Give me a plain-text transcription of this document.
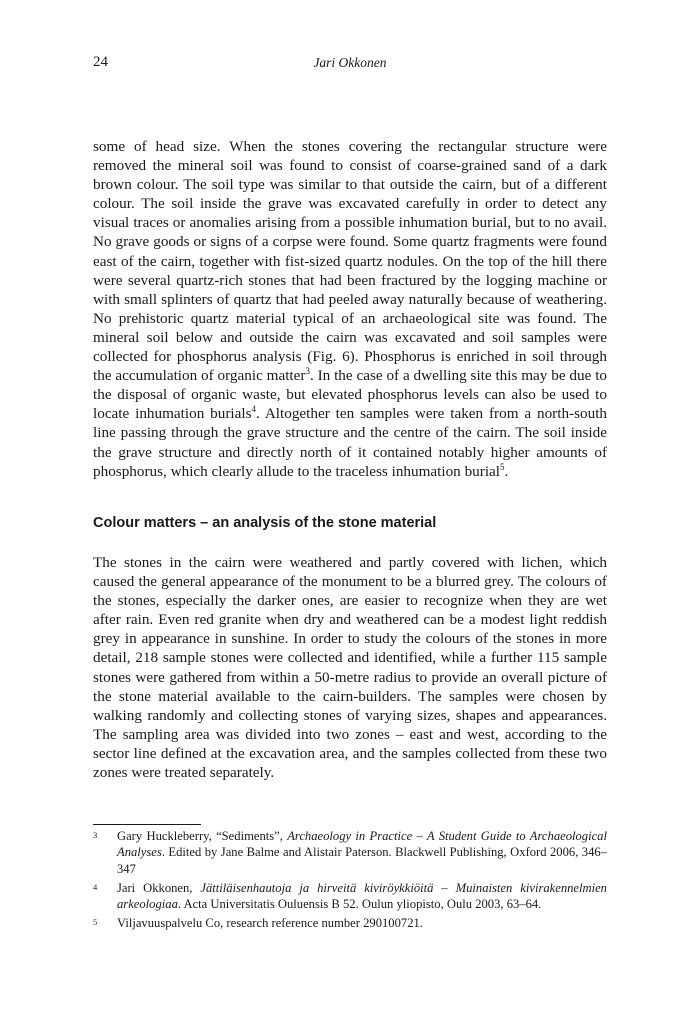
24	Jari Okkonen

some of head size. When the stones covering the rectangular structure were removed the mineral soil was found to consist of coarse-grained sand of a dark brown colour. The soil type was similar to that outside the cairn, but of a different colour. The soil inside the grave was excavated carefully in order to detect any visual traces or anomalies arising from a possible inhumation burial, but to no avail. No grave goods or signs of a corpse were found. Some quartz fragments were found east of the cairn, together with fist-sized quartz nodules. On the top of the hill there were several quartz-rich stones that had been fractured by the logging machine or with small splinters of quartz that had peeled away naturally because of weathering. No prehistoric quartz material typical of an archaeological site was found. The mineral soil below and outside the cairn was excavated and soil samples were collected for phosphorus analysis (Fig. 6). Phosphorus is enriched in soil through the accumulation of organic matter$^3$. In the case of a dwelling site this may be due to the disposal of organic waste, but elevated phosphorus levels can also be used to locate inhumation burials$^4$. Altogether ten samples were taken from a north-south line passing through the grave structure and the centre of the cairn. The soil inside the grave structure and directly north of it contained notably higher amounts of phosphorus, which clearly allude to the traceless inhumation burial$^5$.

Colour matters – an analysis of the stone material

The stones in the cairn were weathered and partly covered with lichen, which caused the general appearance of the monument to be a blurred grey. The colours of the stones, especially the darker ones, are easier to recognize when they are wet after rain. Even red granite when dry and weathered can be a modest light reddish grey in appearance in sunshine. In order to study the colours of the stones in more detail, 218 sample stones were collected and identified, while a further 115 sample stones were gathered from within a 50-metre radius to provide an overall picture of the stone material available to the cairn-builders. The samples were chosen by walking randomly and collecting stones of varying sizes, shapes and appearances. The sampling area was divided into two zones – east and west, according to the sector line defined at the excavation area, and the samples collected from these two zones were treated separately.

3 Gary Huckleberry, “Sediments”, Archaeology in Practice – A Student Guide to Archaeological Analyses. Edited by Jane Balme and Alistair Paterson. Blackwell Publishing, Oxford 2006, 346–347
4 Jari Okkonen, Jättiläisenhautoja ja hirveitä kiviröykkiöitä – Muinaisten kivirakennelmien arkeologiaa. Acta Universitatis Ouluensis B 52. Oulun yliopisto, Oulu 2003, 63–64.
5 Viljavuuspalvelu Co, research reference number 290100721.
